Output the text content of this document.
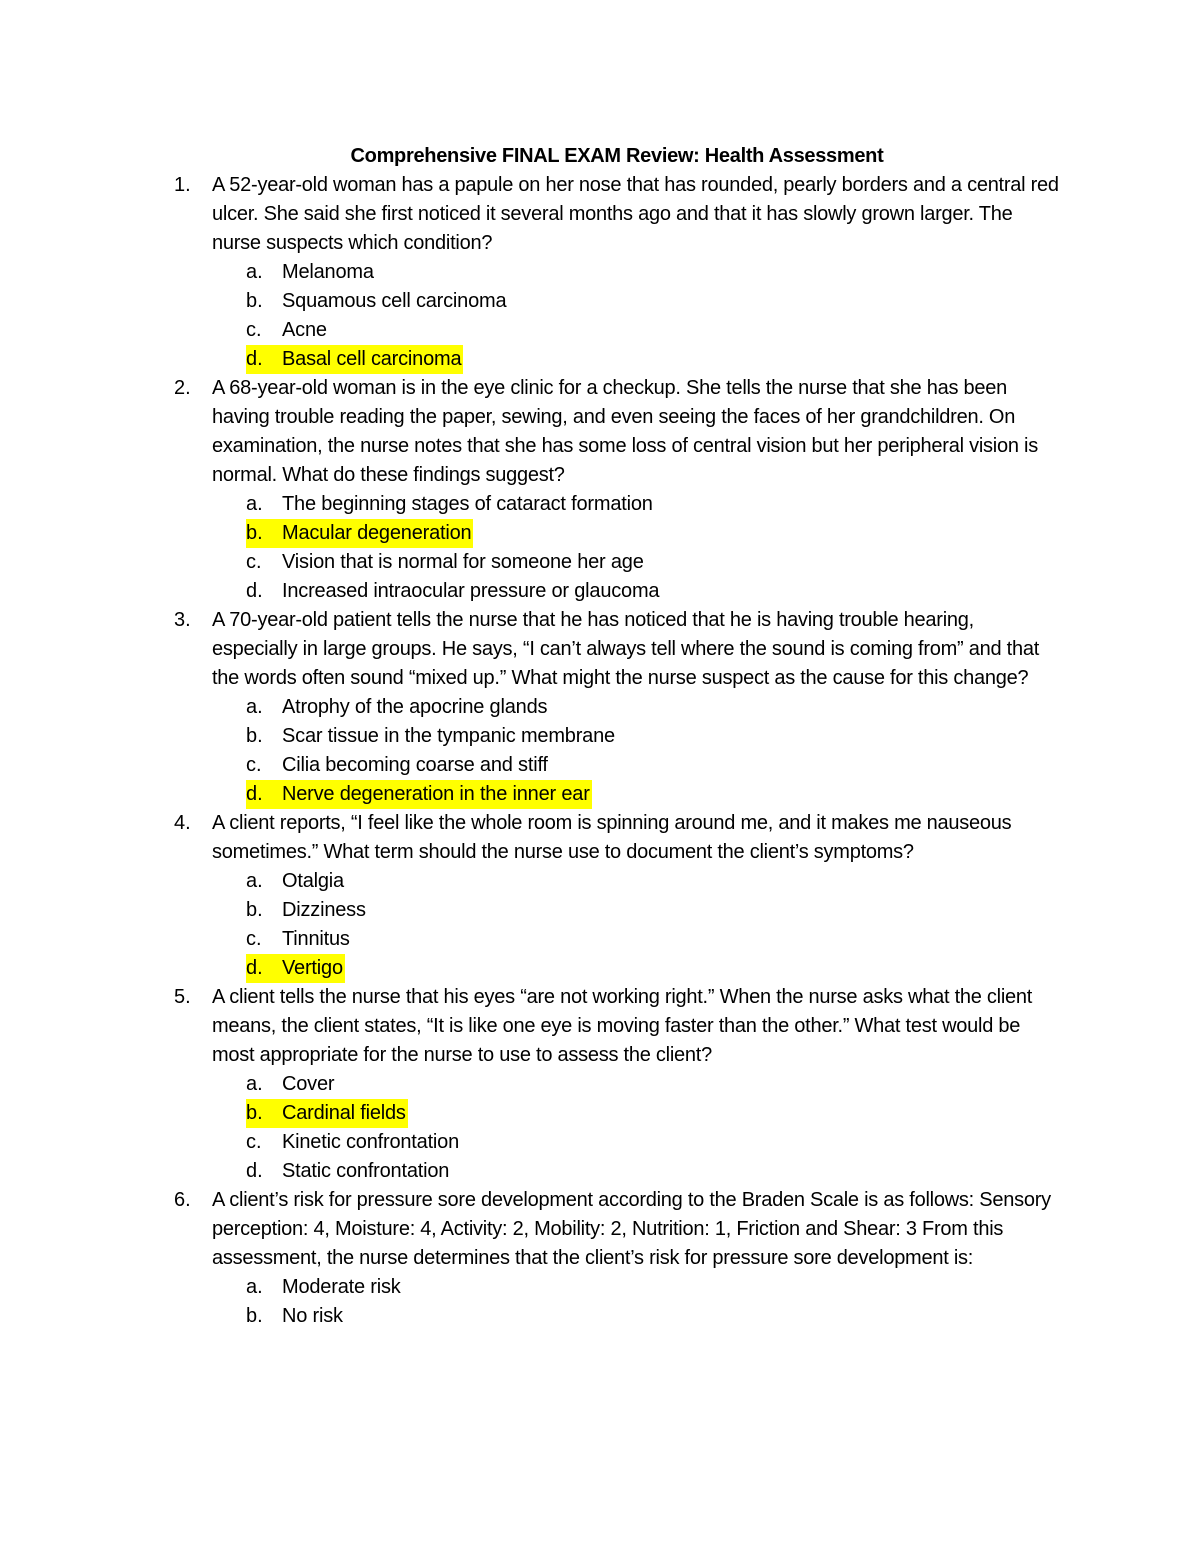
Comprehensive FINAL EXAM Review: Health Assessment
1. A 52-year-old woman has a papule on her nose that has rounded, pearly borders and a central red ulcer. She said she first noticed it several months ago and that it has slowly grown larger. The nurse suspects which condition?
a. Melanoma
b. Squamous cell carcinoma
c. Acne
d. Basal cell carcinoma
2. A 68-year-old woman is in the eye clinic for a checkup. She tells the nurse that she has been having trouble reading the paper, sewing, and even seeing the faces of her grandchildren. On examination, the nurse notes that she has some loss of central vision but her peripheral vision is normal. What do these findings suggest?
a. The beginning stages of cataract formation
b. Macular degeneration
c. Vision that is normal for someone her age
d. Increased intraocular pressure or glaucoma
3. A 70-year-old patient tells the nurse that he has noticed that he is having trouble hearing, especially in large groups. He says, “I can’t always tell where the sound is coming from” and that the words often sound “mixed up.” What might the nurse suspect as the cause for this change?
a. Atrophy of the apocrine glands
b. Scar tissue in the tympanic membrane
c. Cilia becoming coarse and stiff
d. Nerve degeneration in the inner ear
4. A client reports, “I feel like the whole room is spinning around me, and it makes me nauseous sometimes.” What term should the nurse use to document the client’s symptoms?
a. Otalgia
b. Dizziness
c. Tinnitus
d. Vertigo
5. A client tells the nurse that his eyes “are not working right.” When the nurse asks what the client means, the client states, “It is like one eye is moving faster than the other.” What test would be most appropriate for the nurse to use to assess the client?
a. Cover
b. Cardinal fields
c. Kinetic confrontation
d. Static confrontation
6. A client’s risk for pressure sore development according to the Braden Scale is as follows: Sensory perception: 4, Moisture: 4, Activity: 2, Mobility: 2, Nutrition: 1, Friction and Shear: 3 From this assessment, the nurse determines that the client’s risk for pressure sore development is:
a. Moderate risk
b. No risk
